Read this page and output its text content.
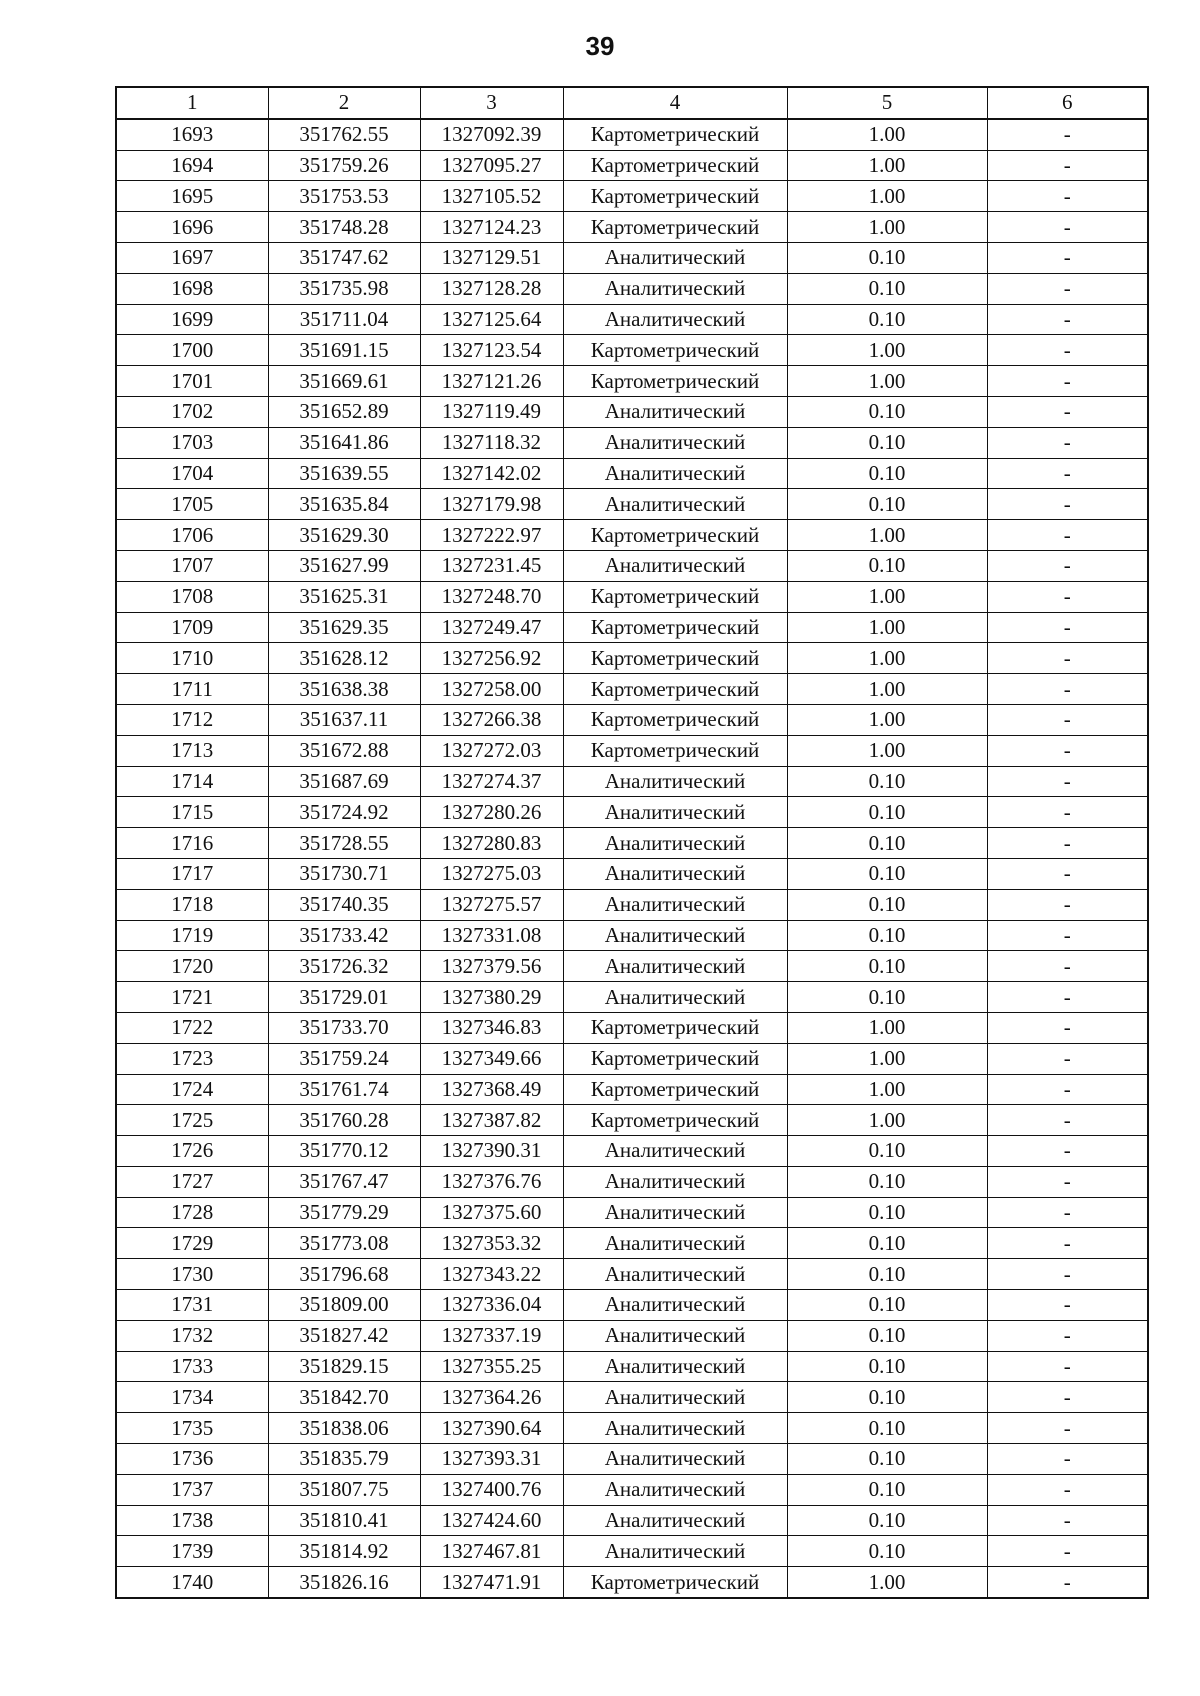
39
1	2	3	4	5	6
1693	351762.55	1327092.39	Картометрический	1.00	-
1694	351759.26	1327095.27	Картометрический	1.00	-
1695	351753.53	1327105.52	Картометрический	1.00	-
1696	351748.28	1327124.23	Картометрический	1.00	-
1697	351747.62	1327129.51	Аналитический	0.10	-
1698	351735.98	1327128.28	Аналитический	0.10	-
1699	351711.04	1327125.64	Аналитический	0.10	-
1700	351691.15	1327123.54	Картометрический	1.00	-
1701	351669.61	1327121.26	Картометрический	1.00	-
1702	351652.89	1327119.49	Аналитический	0.10	-
1703	351641.86	1327118.32	Аналитический	0.10	-
1704	351639.55	1327142.02	Аналитический	0.10	-
1705	351635.84	1327179.98	Аналитический	0.10	-
1706	351629.30	1327222.97	Картометрический	1.00	-
1707	351627.99	1327231.45	Аналитический	0.10	-
1708	351625.31	1327248.70	Картометрический	1.00	-
1709	351629.35	1327249.47	Картометрический	1.00	-
1710	351628.12	1327256.92	Картометрический	1.00	-
1711	351638.38	1327258.00	Картометрический	1.00	-
1712	351637.11	1327266.38	Картометрический	1.00	-
1713	351672.88	1327272.03	Картометрический	1.00	-
1714	351687.69	1327274.37	Аналитический	0.10	-
1715	351724.92	1327280.26	Аналитический	0.10	-
1716	351728.55	1327280.83	Аналитический	0.10	-
1717	351730.71	1327275.03	Аналитический	0.10	-
1718	351740.35	1327275.57	Аналитический	0.10	-
1719	351733.42	1327331.08	Аналитический	0.10	-
1720	351726.32	1327379.56	Аналитический	0.10	-
1721	351729.01	1327380.29	Аналитический	0.10	-
1722	351733.70	1327346.83	Картометрический	1.00	-
1723	351759.24	1327349.66	Картометрический	1.00	-
1724	351761.74	1327368.49	Картометрический	1.00	-
1725	351760.28	1327387.82	Картометрический	1.00	-
1726	351770.12	1327390.31	Аналитический	0.10	-
1727	351767.47	1327376.76	Аналитический	0.10	-
1728	351779.29	1327375.60	Аналитический	0.10	-
1729	351773.08	1327353.32	Аналитический	0.10	-
1730	351796.68	1327343.22	Аналитический	0.10	-
1731	351809.00	1327336.04	Аналитический	0.10	-
1732	351827.42	1327337.19	Аналитический	0.10	-
1733	351829.15	1327355.25	Аналитический	0.10	-
1734	351842.70	1327364.26	Аналитический	0.10	-
1735	351838.06	1327390.64	Аналитический	0.10	-
1736	351835.79	1327393.31	Аналитический	0.10	-
1737	351807.75	1327400.76	Аналитический	0.10	-
1738	351810.41	1327424.60	Аналитический	0.10	-
1739	351814.92	1327467.81	Аналитический	0.10	-
1740	351826.16	1327471.91	Картометрический	1.00	-
